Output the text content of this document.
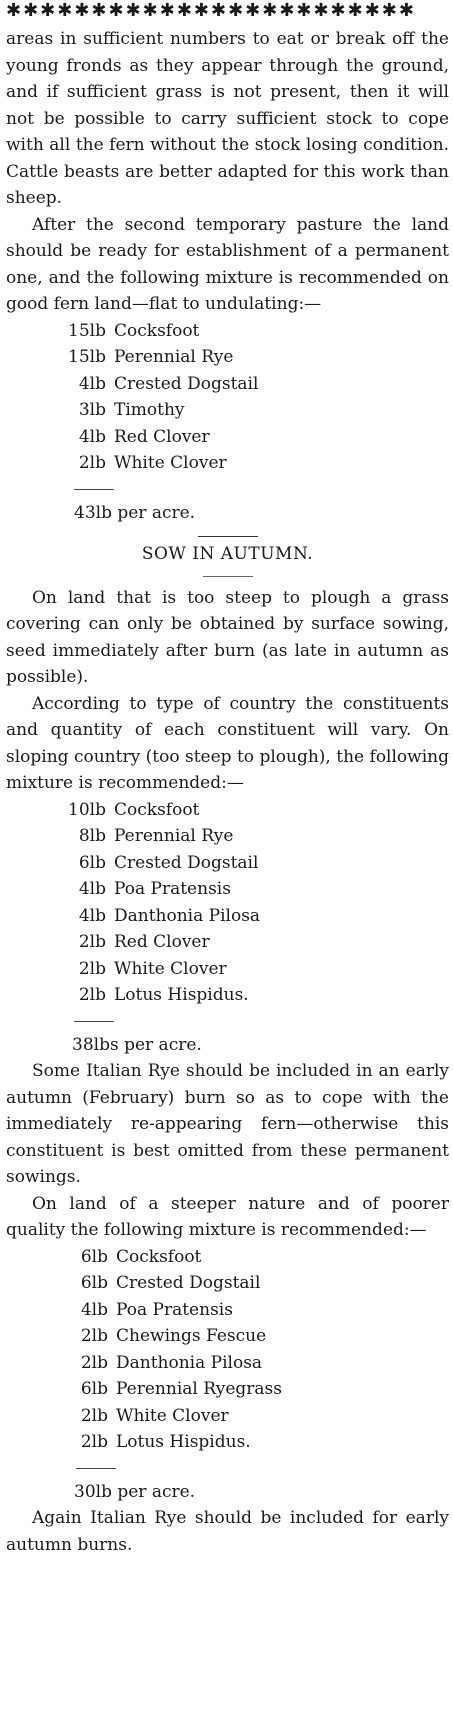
✱✱✱✱✱✱✱✱✱✱✱✱✱✱✱✱✱✱✱✱✱✱✱✱

areas in sufficient numbers to eat or break off the young fronds as they appear through the ground, and if sufficient grass is not present, then it will not be possible to carry sufficient stock to cope with all the fern without the stock losing condition. Cattle beasts are better adapted for this work than sheep.

After the second temporary pasture the land should be ready for establishment of a permanent one, and the following mixture is recommended on good fern land—flat to undulating:—

15lb Cocksfoot
15lb Perennial Rye
4lb Crested Dogstail
3lb Timothy
4lb Red Clover
2lb White Clover

43lb per acre.

SOW IN AUTUMN.

On land that is too steep to plough a grass covering can only be obtained by surface sowing, seed immediately after burn (as late in autumn as possible).

According to type of country the constituents and quantity of each constituent will vary. On sloping country (too steep to plough), the following mixture is recommended:—

10lb Cocksfoot
8lb Perennial Rye
6lb Crested Dogstail
4lb Poa Pratensis
4lb Danthonia Pilosa
2lb Red Clover
2lb White Clover
2lb Lotus Hispidus.

38lbs per acre.

Some Italian Rye should be included in an early autumn (February) burn so as to cope with the immediately re-appearing fern—otherwise this constituent is best omitted from these permanent sowings.

On land of a steeper nature and of poorer quality the following mixture is recommended:—

6lb Cocksfoot
6lb Crested Dogstail
4lb Poa Pratensis
2lb Chewings Fescue
2lb Danthonia Pilosa
6lb Perennial Ryegrass
2lb White Clover
2lb Lotus Hispidus.

30lb per acre.

Again Italian Rye should be included for early autumn burns.
